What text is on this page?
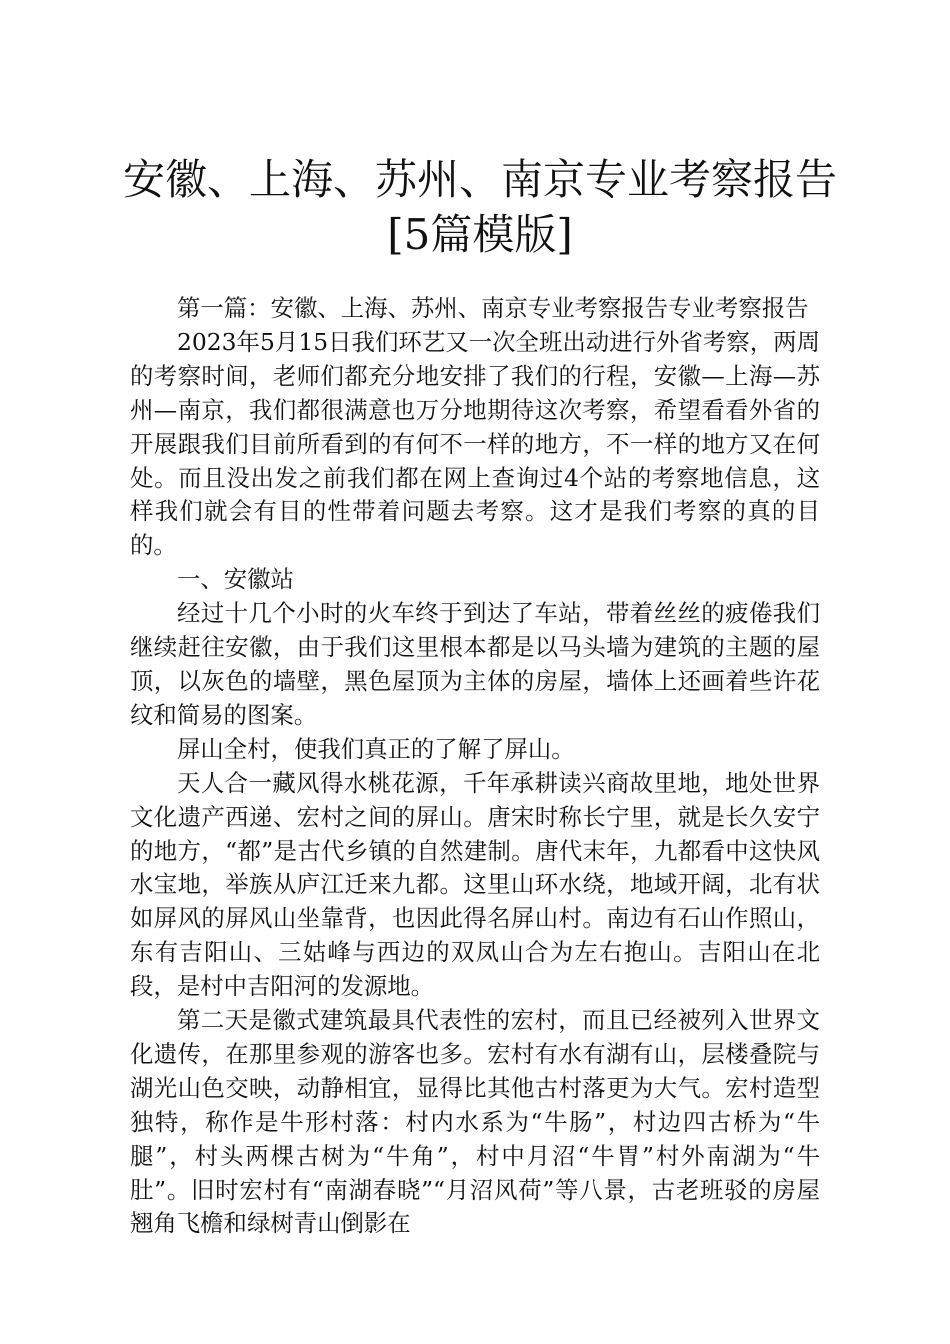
安徽、上海、苏州、南京专业考察报告[5篇模版]

第一篇：安徽、上海、苏州、南京专业考察报告专业考察报告

2023年5月15日我们环艺又一次全班出动进行外省考察，两周的考察时间，老师们都充分地安排了我们的行程，安徽—上海—苏州—南京，我们都很满意也万分地期待这次考察，希望看看外省的开展跟我们目前所看到的有何不一样的地方，不一样的地方又在何处。而且没出发之前我们都在网上查询过4个站的考察地信息，这样我们就会有目的性带着问题去考察。这才是我们考察的真的目的。

一、安徽站

经过十几个小时的火车终于到达了车站，带着丝丝的疲倦我们继续赶往安徽，由于我们这里根本都是以马头墙为建筑的主题的屋顶，以灰色的墙壁，黑色屋顶为主体的房屋，墙体上还画着些许花纹和简易的图案。

屏山全村，使我们真正的了解了屏山。

天人合一藏风得水桃花源，千年承耕读兴商故里地，地处世界文化遗产西递、宏村之间的屏山。唐宋时称长宁里，就是长久安宁的地方，“都”是古代乡镇的自然建制。唐代末年，九都看中这快风水宝地，举族从庐江迁来九都。这里山环水绕，地域开阔，北有状如屏风的屏风山坐靠背，也因此得名屏山村。南边有石山作照山，东有吉阳山、三姑峰与西边的双凤山合为左右抱山。吉阳山在北段，是村中吉阳河的发源地。

第二天是徽式建筑最具代表性的宏村，而且已经被列入世界文化遗传，在那里参观的游客也多。宏村有水有湖有山，层楼叠院与湖光山色交映，动静相宜，显得比其他古村落更为大气。宏村造型独特，称作是牛形村落：村内水系为“牛肠”，村边四古桥为“牛腿”，村头两棵古树为“牛角”，村中月沼“牛胃”村外南湖为“牛肚”。旧时宏村有“南湖春晓”“月沼风荷”等八景，古老班驳的房屋翘角飞檐和绿树青山倒影在
